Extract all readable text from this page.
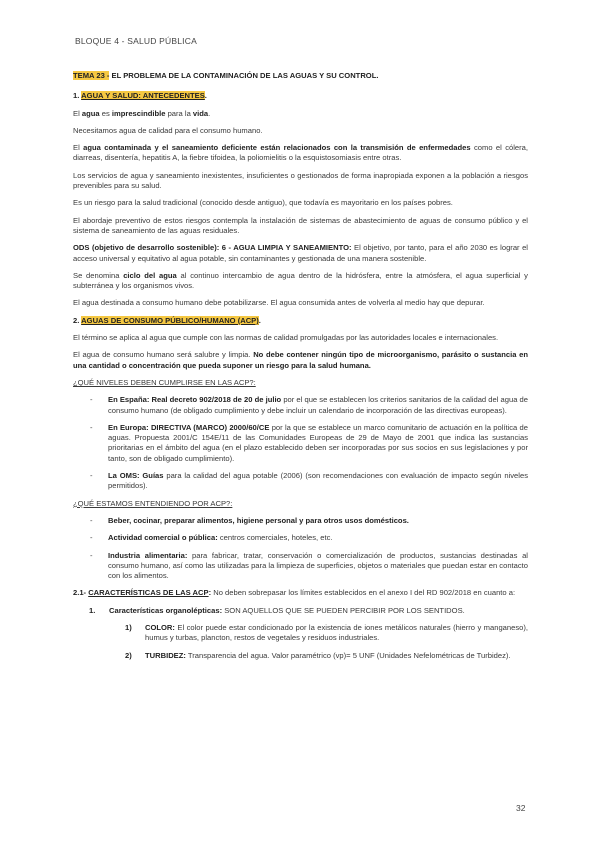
BLOQUE 4 - SALUD PÚBLICA
TEMA 23 - EL PROBLEMA DE LA CONTAMINACIÓN DE LAS AGUAS Y SU CONTROL.
1. AGUA Y SALUD: ANTECEDENTES.
El agua es imprescindible para la vida.
Necesitamos agua de calidad para el consumo humano.
El agua contaminada y el saneamiento deficiente están relacionados con la transmisión de enfermedades como el cólera, diarreas, disentería, hepatitis A, la fiebre tifoidea, la poliomielitis o la esquistosomiasis entre otras.
Los servicios de agua y saneamiento inexistentes, insuficientes o gestionados de forma inapropiada exponen a la población a riesgos prevenibles para su salud.
Es un riesgo para la salud tradicional (conocido desde antiguo), que todavía es mayoritario en los países pobres.
El abordaje preventivo de estos riesgos contempla la instalación de sistemas de abastecimiento de aguas de consumo público y el sistema de saneamiento de las aguas residuales.
ODS (objetivo de desarrollo sostenible): 6 - AGUA LIMPIA Y SANEAMIENTO: El objetivo, por tanto, para el año 2030 es lograr el acceso universal y equitativo al agua potable, sin contaminantes y gestionada de una manera sostenible.
Se denomina ciclo del agua al continuo intercambio de agua dentro de la hidrósfera, entre la atmósfera, el agua superficial y subterránea y los organismos vivos.
El agua destinada a consumo humano debe potabilizarse. El agua consumida antes de volverla al medio hay que depurar.
2. AGUAS DE CONSUMO PÚBLICO/HUMANO (ACP).
El término se aplica al agua que cumple con las normas de calidad promulgadas por las autoridades locales e internacionales.
El agua de consumo humano será salubre y limpia. No debe contener ningún tipo de microorganismo, parásito o sustancia en una cantidad o concentración que pueda suponer un riesgo para la salud humana.
¿QUÉ NIVELES DEBEN CUMPLIRSE EN LAS ACP?:
- En España: Real decreto 902/2018 de 20 de julio por el que se establecen los criterios sanitarios de la calidad del agua de consumo humano (de obligado cumplimiento y debe incluir un calendario de incorporación de las directivas europeas).
- En Europa: DIRECTIVA (MARCO) 2000/60/CE por la que se establece un marco comunitario de actuación en la política de aguas. Propuesta 2001/C 154E/11 de las Comunidades Europeas de 29 de Mayo de 2001 que indica las sustancias prioritarias en el ámbito del agua (en el plazo establecido deben ser incorporadas por sus socios en sus legislaciones y por tanto, son de obligado cumplimiento).
- La OMS: Guías para la calidad del agua potable (2006) (son recomendaciones con evaluación de impacto según niveles permitidos).
¿QUÉ ESTAMOS ENTENDIENDO POR ACP?:
- Beber, cocinar, preparar alimentos, higiene personal y para otros usos domésticos.
- Actividad comercial o pública: centros comerciales, hoteles, etc.
- Industria alimentaria: para fabricar, tratar, conservación o comercialización de productos, sustancias destinadas al consumo humano, así como las utilizadas para la limpieza de superficies, objetos o materiales que puedan estar en contacto con los alimentos.
2.1- CARACTERÍSTICAS DE LAS ACP: No deben sobrepasar los límites establecidos en el anexo I del RD 902/2018 en cuanto a:
1. Características organolépticas: SON AQUELLOS QUE SE PUEDEN PERCIBIR POR LOS SENTIDOS.
1) COLOR: El color puede estar condicionado por la existencia de iones metálicos naturales (hierro y manganeso), humus y turbas, plancton, restos de vegetales y residuos industriales.
2) TURBIDEZ: Transparencia del agua. Valor paramétrico (vp)= 5 UNF (Unidades Nefelométricas de Turbidez).
32
